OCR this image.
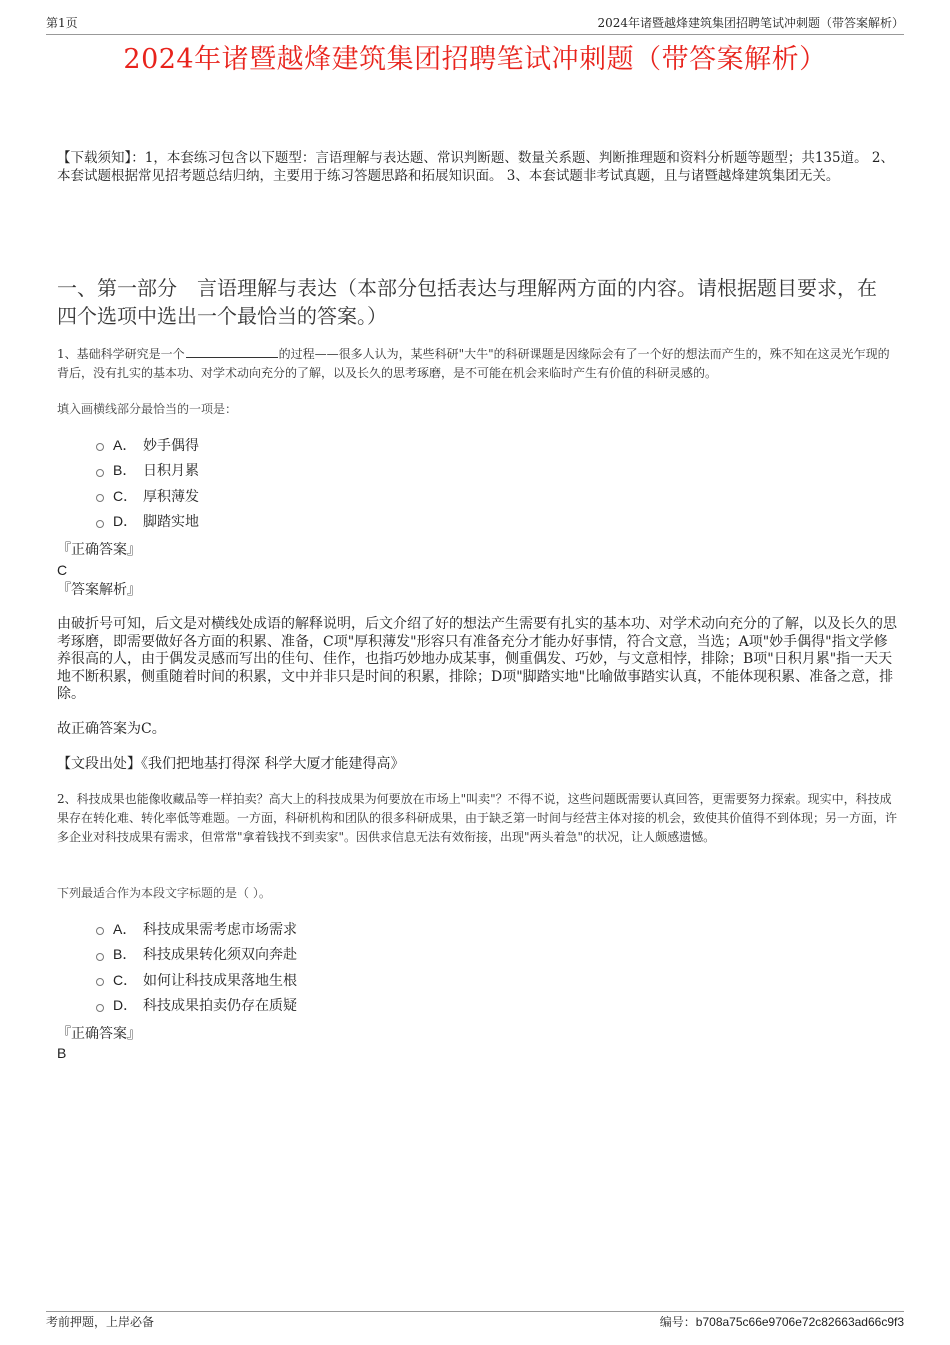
第1页	2024年诸暨越烽建筑集团招聘笔试冲刺题（带答案解析）
2024年诸暨越烽建筑集团招聘笔试冲刺题（带答案解析）
【下载须知】：1，本套练习包含以下题型：言语理解与表达题、常识判断题、数量关系题、判断推理题和资料分析题等题型；共135道。 2、本套试题根据常见招考题总结归纳，主要用于练习答题思路和拓展知识面。 3、本套试题非考试真题，且与诸暨越烽建筑集团无关。
一、第一部分　言语理解与表达（本部分包括表达与理解两方面的内容。请根据题目要求，在四个选项中选出一个最恰当的答案。）
1、基础科学研究是一个	的过程——很多人认为，某些科研"大牛"的科研课题是因缘际会有了一个好的想法而产生的，殊不知在这灵光乍现的背后，没有扎实的基本功、对学术动向充分的了解，以及长久的思考琢磨，是不可能在机会来临时产生有价值的科研灵感的。
填入画横线部分最恰当的一项是：
A． 妙手偶得
B． 日积月累
C． 厚积薄发
D． 脚踏实地
『正确答案』
C
『答案解析』
由破折号可知，后文是对横线处成语的解释说明，后文介绍了好的想法产生需要有扎实的基本功、对学术动向充分的了解，以及长久的思考琢磨，即需要做好各方面的积累、准备，C项"厚积薄发"形容只有准备充分才能办好事情，符合文意，当选；A项"妙手偶得"指文学修养很高的人，由于偶发灵感而写出的佳句、佳作，也指巧妙地办成某事，侧重偶发、巧妙，与文意相悖，排除；B项"日积月累"指一天天地不断积累，侧重随着时间的积累，文中并非只是时间的积累，排除；D项"脚踏实地"比喻做事踏实认真，不能体现积累、准备之意，排除。
故正确答案为C。
【文段出处】《我们把地基打得深 科学大厦才能建得高》
2、科技成果也能像收藏品等一样拍卖？高大上的科技成果为何要放在市场上"叫卖"？不得不说，这些问题既需要认真回答，更需要努力探索。现实中，科技成果存在转化难、转化率低等难题。一方面，科研机构和团队的很多科研成果，由于缺乏第一时间与经营主体对接的机会，致使其价值得不到体现；另一方面，许多企业对科技成果有需求，但常常"拿着钱找不到卖家"。因供求信息无法有效衔接，出现"两头着急"的状况，让人颇感遗憾。
下列最适合作为本段文字标题的是（ ）。
A． 科技成果需考虑市场需求
B． 科技成果转化须双向奔赴
C． 如何让科技成果落地生根
D． 科技成果拍卖仍存在质疑
『正确答案』
B
考前押题，上岸必备	编号：b708a75c66e9706e72c82663ad66c9f3
